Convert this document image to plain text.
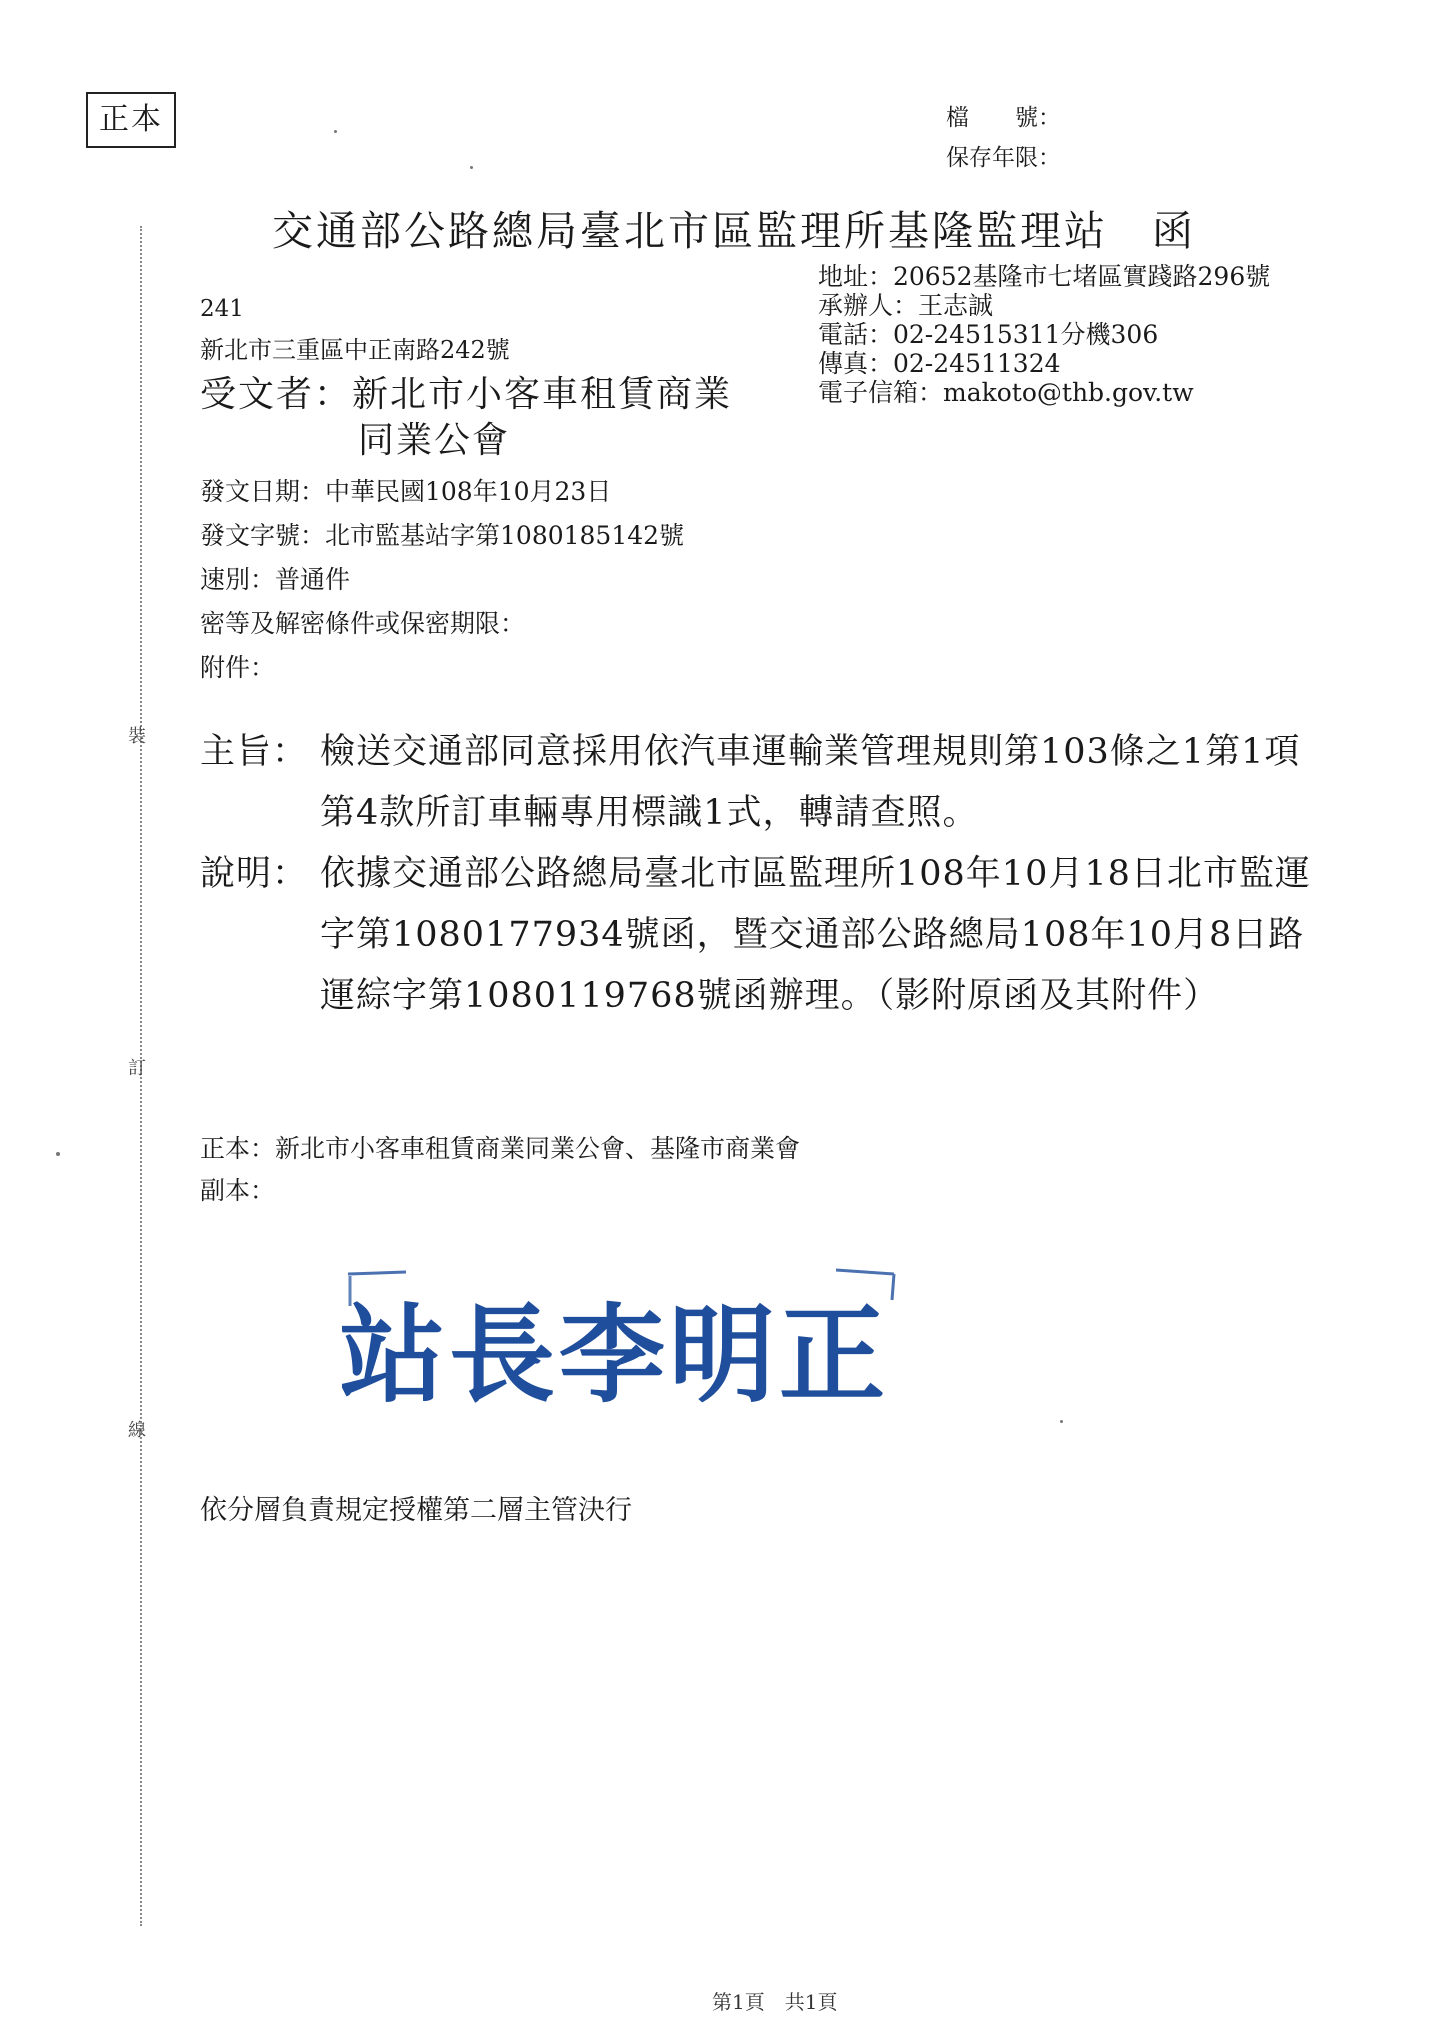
裝
訂
線
正本	檔　　號：
保存年限：
交通部公路總局臺北市區監理所基隆監理站　函
地址：20652基隆市七堵區實踐路296號
承辦人：王志誠
電話：02-24515311分機306
傳真：02-24511324
電子信箱：makoto@thb.gov.tw
241
新北市三重區中正南路242號
受文者：新北市小客車租賃商業
同業公會
發文日期：中華民國108年10月23日
發文字號：北市監基站字第1080185142號
速別：普通件
密等及解密條件或保密期限：
附件：
主旨： 檢送交通部同意採用依汽車運輸業管理規則第103條之1第1項第4款所訂車輛專用標識1式，轉請查照。
說明： 依據交通部公路總局臺北市區監理所108年10月18日北市監運字第1080177934號函，暨交通部公路總局108年10月8日路運綜字第1080119768號函辦理。（影附原函及其附件）
正本：新北市小客車租賃商業同業公會、基隆市商業會
副本：
站長李明正
依分層負責規定授權第二層主管決行
第1頁　共1頁
